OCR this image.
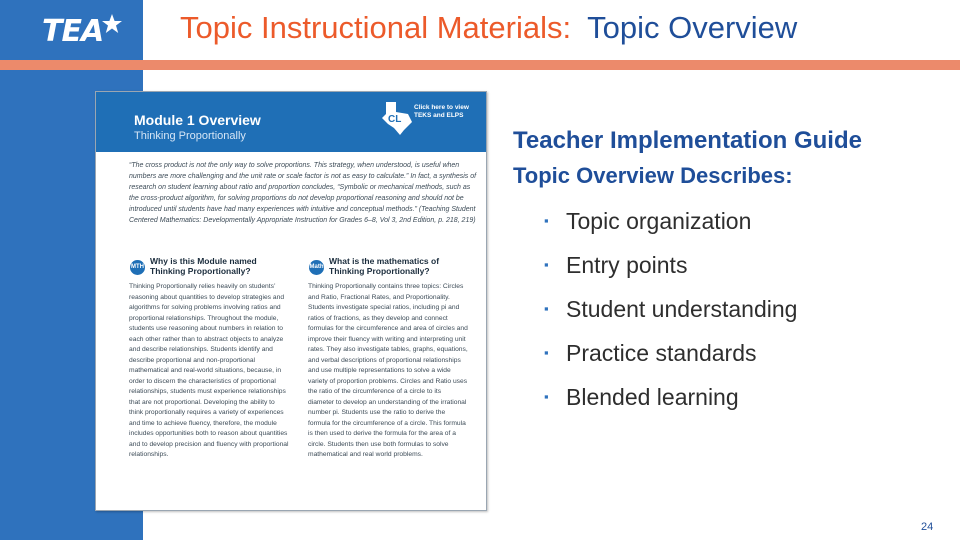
TEA Topic Instructional Materials: Topic Overview
Module 1 Overview
Thinking Proportionally
CL
Click here to view
TEKS and ELPS
“The cross product is not the only way to solve proportions. This strategy, when understood, is useful when numbers are more challenging and the unit rate or scale factor is not as easy to calculate.” In fact, a synthesis of research on student learning about ratio and proportion concludes, “Symbolic or mechanical methods, such as the cross-product algorithm, for solving proportions do not develop proportional reasoning and should not be introduced until students have had many experiences with intuitive and conceptual methods.” (Teaching Student Centered Mathematics: Developmentally Appropriate Instruction for Grades 6–8, Vol 3, 2nd Edition, p. 218, 219)
MTH
Why is this Module named Thinking Proportionally?
Thinking Proportionally relies heavily on students’ reasoning about quantities to develop strategies and algorithms for solving problems involving ratios and proportional relationships. Throughout the module, students use reasoning about numbers in relation to each other rather than to abstract objects to analyze and describe relationships. Students identify and describe proportional and non-proportional mathematical and real-world situations, because, in order to discern the characteristics of proportional relationships, students must experience relationships that are not proportional. Developing the ability to think proportionally requires a variety of experiences and time to achieve fluency, therefore, the module includes opportunities both to reason about quantities and to develop precision and fluency with proportional relationships.
Math
What is the mathematics of Thinking Proportionally?
Thinking Proportionally contains three topics: Circles and Ratio, Fractional Rates, and Proportionality. Students investigate special ratios, including pi and ratios of fractions, as they develop and connect formulas for the circumference and area of circles and improve their fluency with writing and interpreting unit rates. They also investigate tables, graphs, equations, and verbal descriptions of proportional relationships and use multiple representations to solve a wide variety of proportion problems. Circles and Ratio uses the ratio of the circumference of a circle to its diameter to develop an understanding of the irrational number pi. Students use the ratio to derive the formula for the circumference of a circle. This formula is then used to derive the formula for the area of a circle. Students then use both formulas to solve mathematical and real world problems.
Teacher Implementation Guide
Topic Overview Describes:
▪ Topic organization
▪ Entry points
▪ Student understanding
▪ Practice standards
▪ Blended learning
24
